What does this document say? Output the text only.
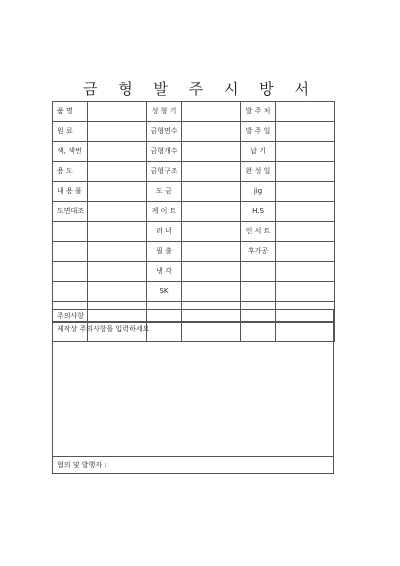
금 형 발 주 시 방 서
품 명		성 형 기		발 주 처	
원 료		금형면수		발 주 일	
색, 색번		금형개수		납 기	
용 도		금형구조		완 성 일	
내 용 물		도 금		jig	
도면대조		게 이 트		H.S	
		러 너		인 서 트	
		필 출		후가공	
		냉 각			
		SK			

주의사항
제작상 주의사항을 입력하세요
협의 및 발행자 :
